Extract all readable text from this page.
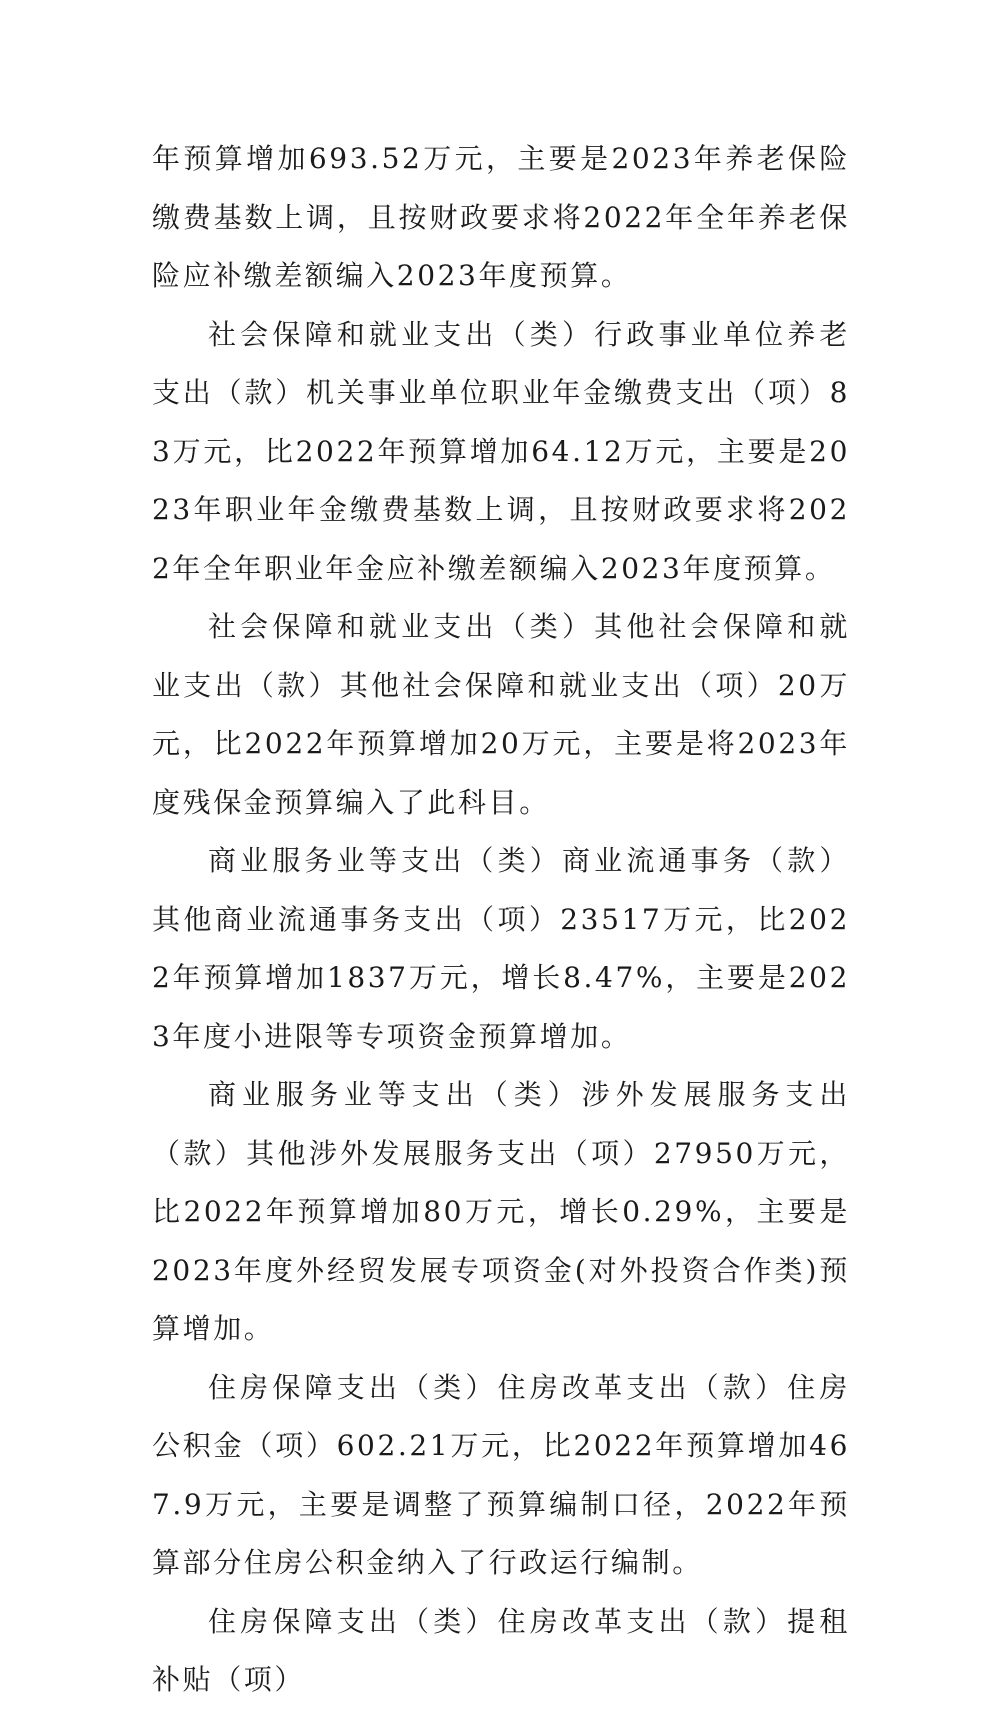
年预算增加693.52万元，主要是2023年养老保险缴费基数上调，且按财政要求将2022年全年养老保险应补缴差额编入2023年度预算。

社会保障和就业支出（类）行政事业单位养老支出（款）机关事业单位职业年金缴费支出（项）83万元，比2022年预算增加64.12万元，主要是2023年职业年金缴费基数上调，且按财政要求将2022年全年职业年金应补缴差额编入2023年度预算。

社会保障和就业支出（类）其他社会保障和就业支出（款）其他社会保障和就业支出（项）20万元，比2022年预算增加20万元，主要是将2023年度残保金预算编入了此科目。

商业服务业等支出（类）商业流通事务（款）其他商业流通事务支出（项）23517万元，比2022年预算增加1837万元，增长8.47%，主要是2023年度小进限等专项资金预算增加。

商业服务业等支出（类）涉外发展服务支出（款）其他涉外发展服务支出（项）27950万元，比2022年预算增加80万元，增长0.29%，主要是2023年度外经贸发展专项资金(对外投资合作类)预算增加。

住房保障支出（类）住房改革支出（款）住房公积金（项）602.21万元，比2022年预算增加467.9万元，主要是调整了预算编制口径，2022年预算部分住房公积金纳入了行政运行编制。

住房保障支出（类）住房改革支出（款）提租补贴（项）
